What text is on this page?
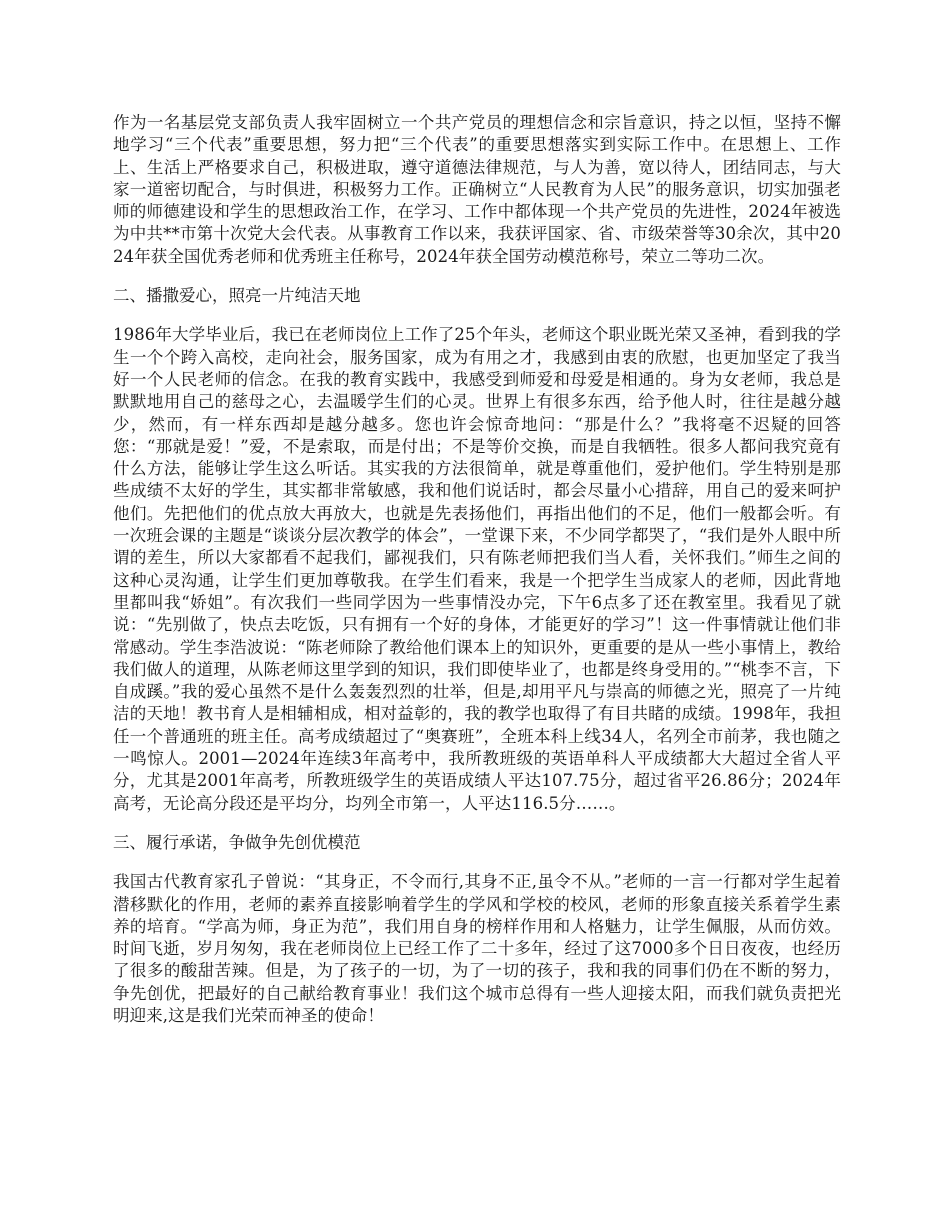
作为一名基层党支部负责人我牢固树立一个共产党员的理想信念和宗旨意识，持之以恒，坚持不懈地学习“三个代表”重要思想，努力把“三个代表”的重要思想落实到实际工作中。在思想上、工作上、生活上严格要求自己，积极进取，遵守道德法律规范，与人为善，宽以待人，团结同志，与大家一道密切配合，与时俱进，积极努力工作。正确树立“人民教育为人民”的服务意识，切实加强老师的师德建设和学生的思想政治工作，在学习、工作中都体现一个共产党员的先进性，2024年被选为中共**市第十次党大会代表。从事教育工作以来，我获评国家、省、市级荣誉等30余次，其中2024年获全国优秀老师和优秀班主任称号，2024年获全国劳动模范称号，荣立二等功二次。

二、播撒爱心，照亮一片纯洁天地

1986年大学毕业后，我已在老师岗位上工作了25个年头，老师这个职业既光荣又圣神，看到我的学生一个个跨入高校，走向社会，服务国家，成为有用之才，我感到由衷的欣慰，也更加坚定了我当好一个人民老师的信念。在我的教育实践中，我感受到师爱和母爱是相通的。身为女老师，我总是默默地用自己的慈母之心，去温暖学生们的心灵。世界上有很多东西，给予他人时，往往是越分越少，然而，有一样东西却是越分越多。您也许会惊奇地问：“那是什么？”我将毫不迟疑的回答您：“那就是爱！”爱，不是索取，而是付出；不是等价交换，而是自我牺牲。很多人都问我究竟有什么方法，能够让学生这么听话。其实我的方法很简单，就是尊重他们，爱护他们。学生特别是那些成绩不太好的学生，其实都非常敏感，我和他们说话时，都会尽量小心措辞，用自己的爱来呵护他们。先把他们的优点放大再放大，也就是先表扬他们，再指出他们的不足，他们一般都会听。有一次班会课的主题是“谈谈分层次教学的体会”，一堂课下来，不少同学都哭了，“我们是外人眼中所谓的差生，所以大家都看不起我们，鄙视我们，只有陈老师把我们当人看，关怀我们。”师生之间的这种心灵沟通，让学生们更加尊敬我。在学生们看来，我是一个把学生当成家人的老师，因此背地里都叫我“娇姐”。有次我们一些同学因为一些事情没办完，下午6点多了还在教室里。我看见了就说：“先别做了，快点去吃饭，只有拥有一个好的身体，才能更好的学习”！这一件事情就让他们非常感动。学生李浩波说：“陈老师除了教给他们课本上的知识外，更重要的是从一些小事情上，教给我们做人的道理，从陈老师这里学到的知识，我们即使毕业了，也都是终身受用的。”“桃李不言，下自成蹊。”我的爱心虽然不是什么轰轰烈烈的壮举，但是,却用平凡与崇高的师德之光，照亮了一片纯洁的天地！教书育人是相辅相成，相对益彰的，我的教学也取得了有目共睹的成绩。1998年，我担任一个普通班的班主任。高考成绩超过了“奥赛班”，全班本科上线34人，名列全市前茅，我也随之一鸣惊人。2001—2024年连续3年高考中，我所教班级的英语单科人平成绩都大大超过全省人平分，尤其是2001年高考，所教班级学生的英语成绩人平达107.75分，超过省平26.86分；2024年高考，无论高分段还是平均分，均列全市第一，人平达116.5分……。

三、履行承诺，争做争先创优模范

我国古代教育家孔子曾说：“其身正，不令而行,其身不正,虽令不从。”老师的一言一行都对学生起着潜移默化的作用，老师的素养直接影响着学生的学风和学校的校风，老师的形象直接关系着学生素养的培育。“学高为师，身正为范”，我们用自身的榜样作用和人格魅力，让学生佩服，从而仿效。时间飞逝，岁月匆匆，我在老师岗位上已经工作了二十多年，经过了这7000多个日日夜夜，也经历了很多的酸甜苦辣。但是，为了孩子的一切，为了一切的孩子，我和我的同事们仍在不断的努力，争先创优，把最好的自己献给教育事业！我们这个城市总得有一些人迎接太阳，而我们就负责把光明迎来,这是我们光荣而神圣的使命！
